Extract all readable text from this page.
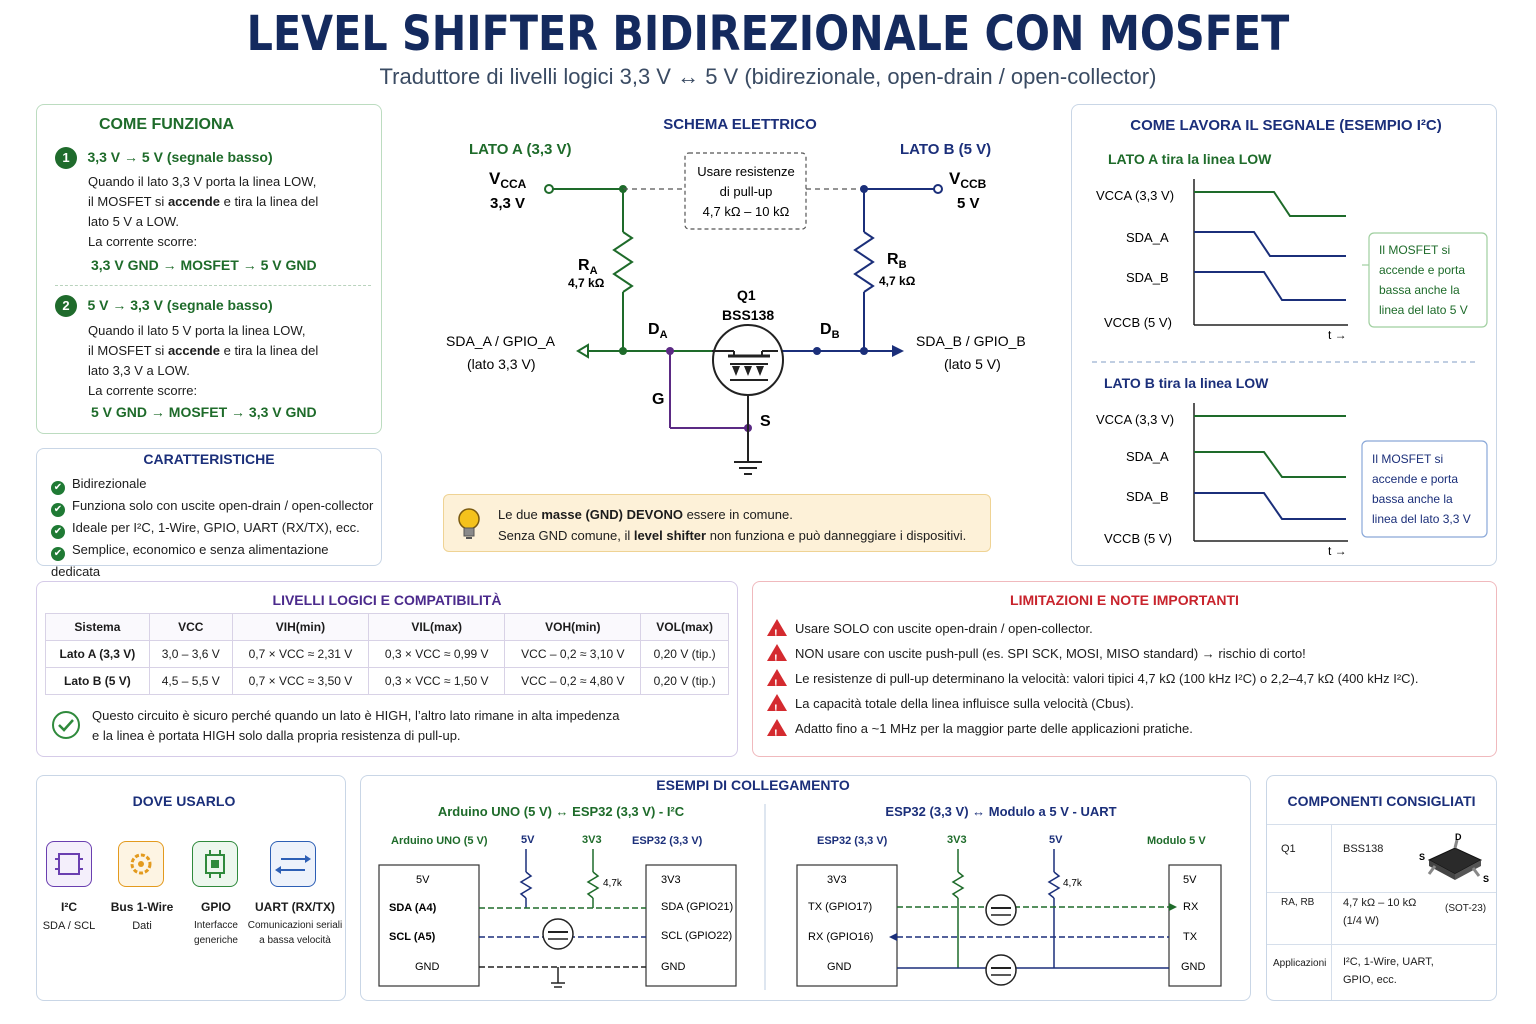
LEVEL SHIFTER BIDIREZIONALE CON MOSFET
Traduttore di livelli logici 3,3 V ↔ 5 V (bidirezionale, open-drain / open-collector)
COME FUNZIONA
1 3,3 V → 5 V (segnale basso)
Quando il lato 3,3 V porta la linea LOW,
il MOSFET si accende e tira la linea del
lato 5 V a LOW.
La corrente scorre:
3,3 V GND → MOSFET → 5 V GND
2 5 V → 3,3 V (segnale basso)
Quando il lato 5 V porta la linea LOW,
il MOSFET si accende e tira la linea del
lato 3,3 V a LOW.
La corrente scorre:
5 V GND → MOSFET → 3,3 V GND
CARATTERISTICHE
✔ Bidirezionale
✔ Funziona solo con uscite open-drain / open-collector
✔ Ideale per I²C, 1-Wire, GPIO, UART (RX/TX), ecc.
✔ Semplice, economico e senza alimentazione dedicata
SCHEMA ELETTRICO
LATO A (3,3 V)	LATO B (5 V)
$V_{CCA}$
3,3 V
$V_{CCB}$
5 V
Usare resistenze
di pull-up
4,7 kΩ – 10 kΩ
$R_A$
4,7 kΩ
$R_B$
4,7 kΩ
SDA_A / GPIO_A
(lato 3,3 V)
SDA_B / GPIO_B
(lato 5 V)
$D_A$	$D_B$
Q1
BSS138
G
S
Le due masse (GND) DEVONO essere in comune.
Senza GND comune, il level shifter non funziona e può danneggiare i dispositivi.
COME LAVORA IL SEGNALE (ESEMPIO I²C)
LATO A tira la linea LOW
VCCA (3,3 V)
SDA_A
SDA_B
VCCB (5 V)
t →
Il MOSFET si
accende e porta
bassa anche la
linea del lato 5 V
LATO B tira la linea LOW
VCCA (3,3 V)
SDA_A
SDA_B
VCCB (5 V)
t →
Il MOSFET si
accende e porta
bassa anche la
linea del lato 3,3 V
LIVELLI LOGICI E COMPATIBILITÀ
Sistema	VCC	VIH(min)	VIL(max)	VOH(min)	VOL(max)
Lato A (3,3 V)	3,0 – 3,6 V	0,7 × VCC ≈ 2,31 V	0,3 × VCC ≈ 0,99 V	VCC – 0,2 ≈ 3,10 V	0,20 V (tip.)
Lato B (5 V)	4,5 – 5,5 V	0,7 × VCC ≈ 3,50 V	0,3 × VCC ≈ 1,50 V	VCC – 0,2 ≈ 4,80 V	0,20 V (tip.)
Questo circuito è sicuro perché quando un lato è HIGH, l’altro lato rimane in alta impedenza
e la linea è portata HIGH solo dalla propria resistenza di pull-up.
LIMITAZIONI E NOTE IMPORTANTI
! Usare SOLO con uscite open-drain / open-collector.
! NON usare con uscite push-pull (es. SPI SCK, MOSI, MISO standard) → rischio di corto!
! Le resistenze di pull-up determinano la velocità: valori tipici 4,7 kΩ (100 kHz I²C) o 2,2–4,7 kΩ (400 kHz I²C).
! La capacità totale della linea influisce sulla velocità (Cbus).
! Adatto fino a ~1 MHz per la maggior parte delle applicazioni pratiche.
DOVE USARLO
I²C
SDA / SCL
Bus 1-Wire
Dati
GPIO
Interfacce
generiche
UART (RX/TX)
Comunicazioni seriali
a bassa velocità
ESEMPI DI COLLEGAMENTO
Arduino UNO (5 V) ↔ ESP32 (3,3 V) - I²C
Arduino UNO (5 V)	5V	3V3	ESP32 (3,3 V)
5V
SDA (A4)
SCL (A5)
GND
3V3
SDA (GPIO21)
SCL (GPIO22)
GND
4,7k
ESP32 (3,3 V) ↔ Modulo a 5 V - UART
ESP32 (3,3 V)	3V3	5V	Modulo 5 V
3V3
TX (GPIO17)
RX (GPIO16)
GND
5V
RX
TX
GND
4,7k
COMPONENTI CONSIGLIATI
Q1	BSS138
RA, RB	4,7 kΩ – 10 kΩ
(1/4 W)
Applicazioni I²C, 1-Wire, UART,
GPIO, ecc.
D
S
S
(SOT-23)
